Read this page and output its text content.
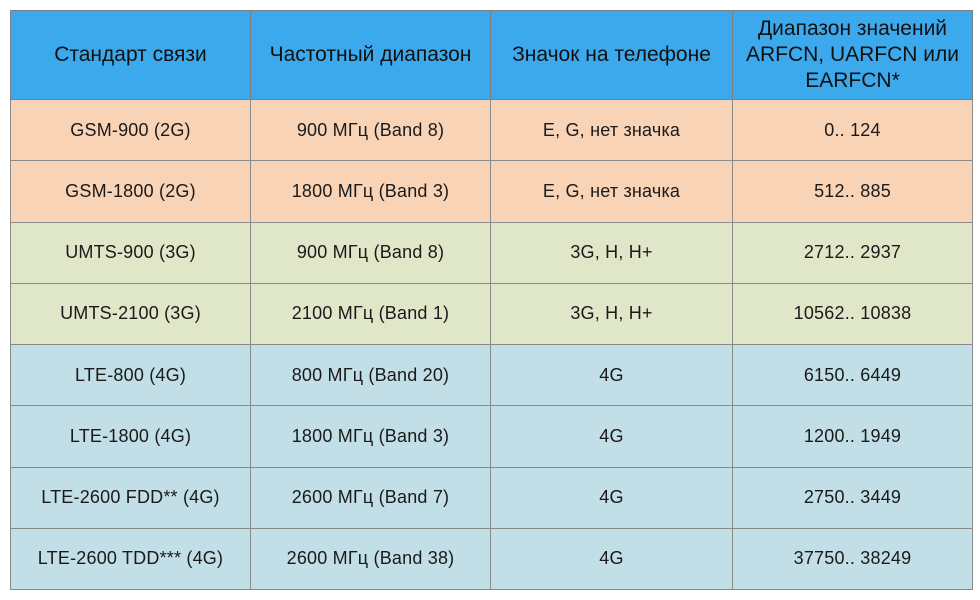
Стандарт связи	Частотный диапазон	Значок на телефоне	Диапазон значений ARFCN, UARFCN или EARFCN*
GSM-900 (2G)	900 МГц (Band 8)	E, G, нет значка	0.. 124
GSM-1800 (2G)	1800 МГц (Band 3)	E, G, нет значка	512.. 885
UMTS-900 (3G)	900 МГц (Band 8)	3G, H, H+	2712.. 2937
UMTS-2100 (3G)	2100 МГц (Band 1)	3G, H, H+	10562.. 10838
LTE-800 (4G)	800 МГц (Band 20)	4G	6150.. 6449
LTE-1800 (4G)	1800 МГц (Band 3)	4G	1200.. 1949
LTE-2600 FDD** (4G)	2600 МГц (Band 7)	4G	2750.. 3449
LTE-2600 TDD*** (4G)	2600 МГц (Band 38)	4G	37750.. 38249
